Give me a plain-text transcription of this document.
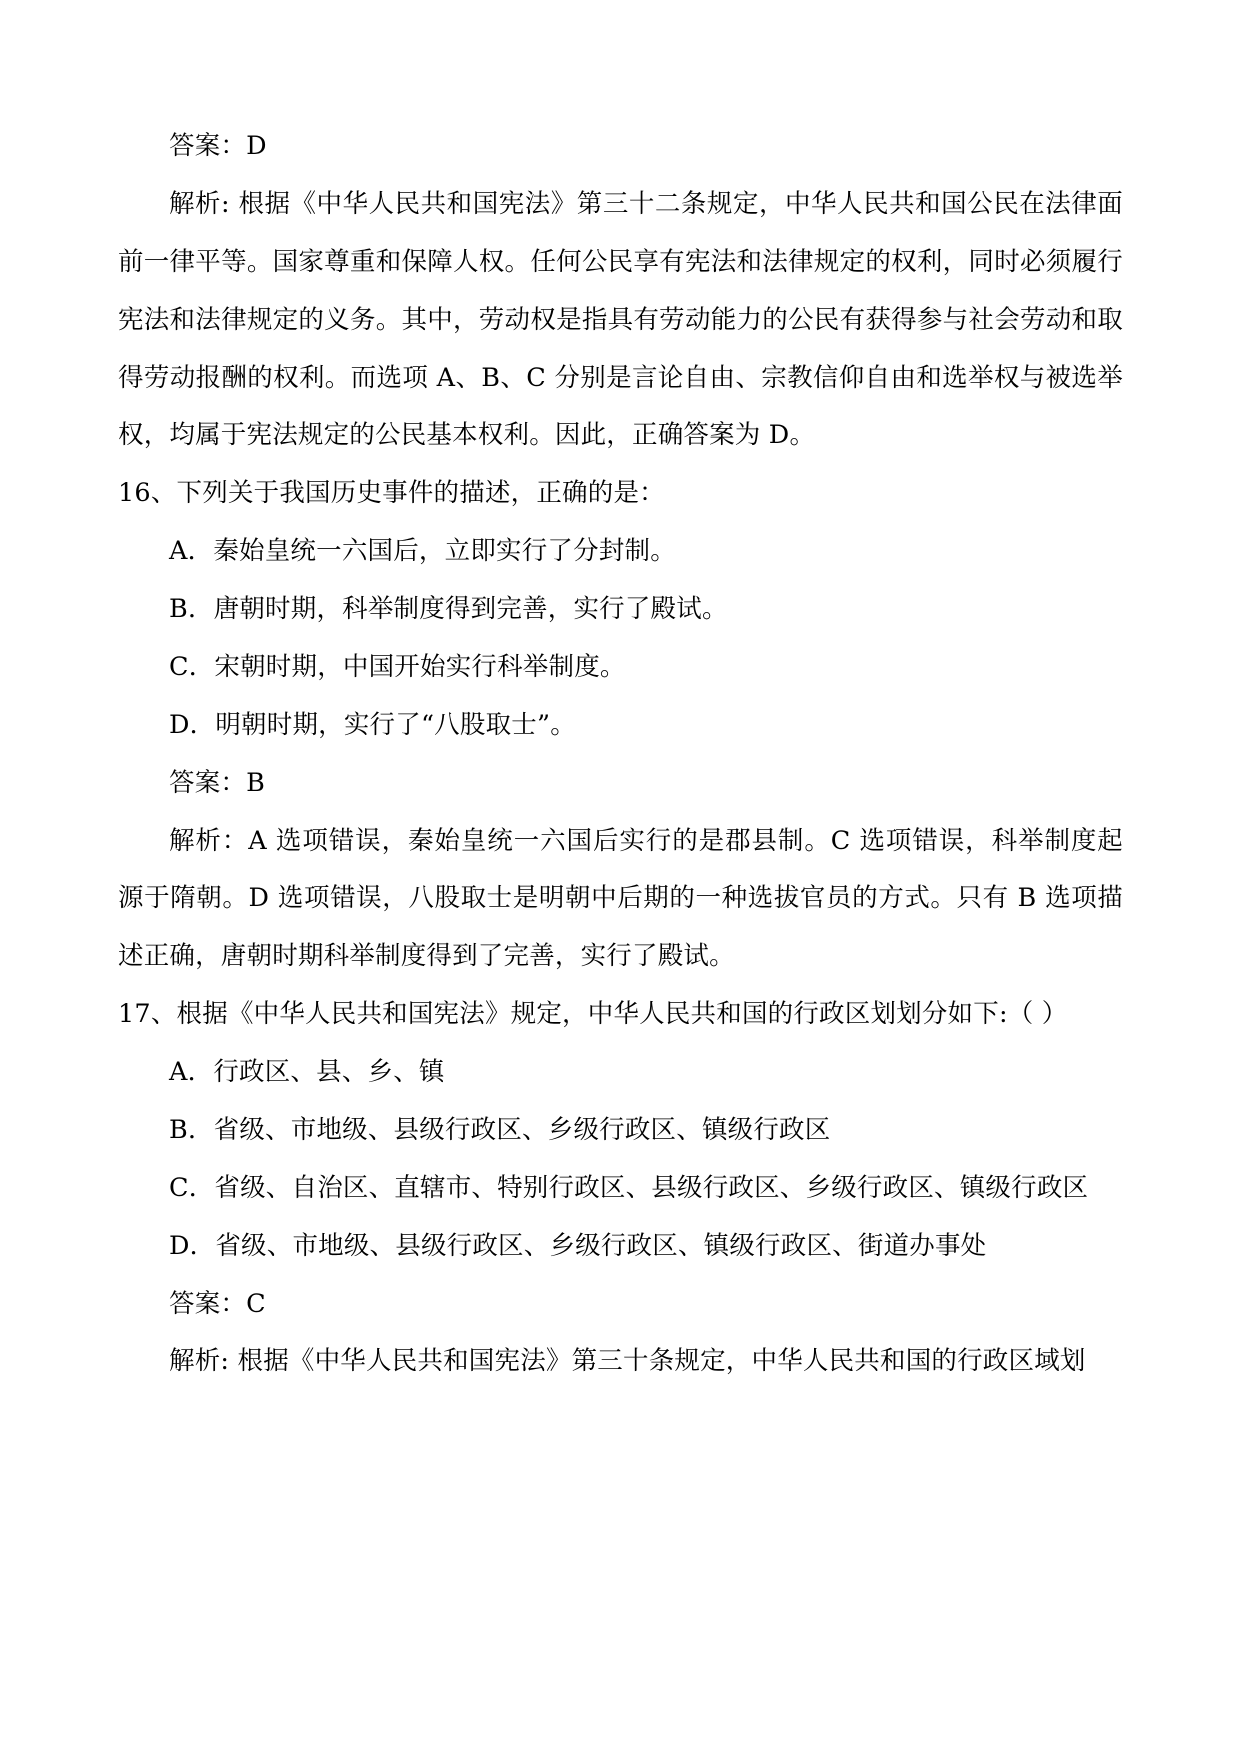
答案：D

解析: 根据《中华人民共和国宪法》第三十二条规定，中华人民共和国公民在法律面前一律平等。国家尊重和保障人权。任何公民享有宪法和法律规定的权利，同时必须履行宪法和法律规定的义务。其中，劳动权是指具有劳动能力的公民有获得参与社会劳动和取得劳动报酬的权利。而选项 A、B、C 分别是言论自由、宗教信仰自由和选举权与被选举权，均属于宪法规定的公民基本权利。因此，正确答案为 D。

16、下列关于我国历史事件的描述，正确的是：

A．秦始皇统一六国后，立即实行了分封制。

B．唐朝时期，科举制度得到完善，实行了殿试。

C．宋朝时期，中国开始实行科举制度。

D．明朝时期，实行了“八股取士”。

答案：B

解析：A 选项错误，秦始皇统一六国后实行的是郡县制。C 选项错误，科举制度起源于隋朝。D 选项错误，八股取士是明朝中后期的一种选拔官员的方式。只有 B 选项描述正确，唐朝时期科举制度得到了完善，实行了殿试。

17、根据《中华人民共和国宪法》规定，中华人民共和国的行政区划划分如下:（ ）

A．行政区、县、乡、镇

B．省级、市地级、县级行政区、乡级行政区、镇级行政区

C．省级、自治区、直辖市、特别行政区、县级行政区、乡级行政区、镇级行政区

D．省级、市地级、县级行政区、乡级行政区、镇级行政区、街道办事处

答案：C

解析: 根据《中华人民共和国宪法》第三十条规定，中华人民共和国的行政区域划
